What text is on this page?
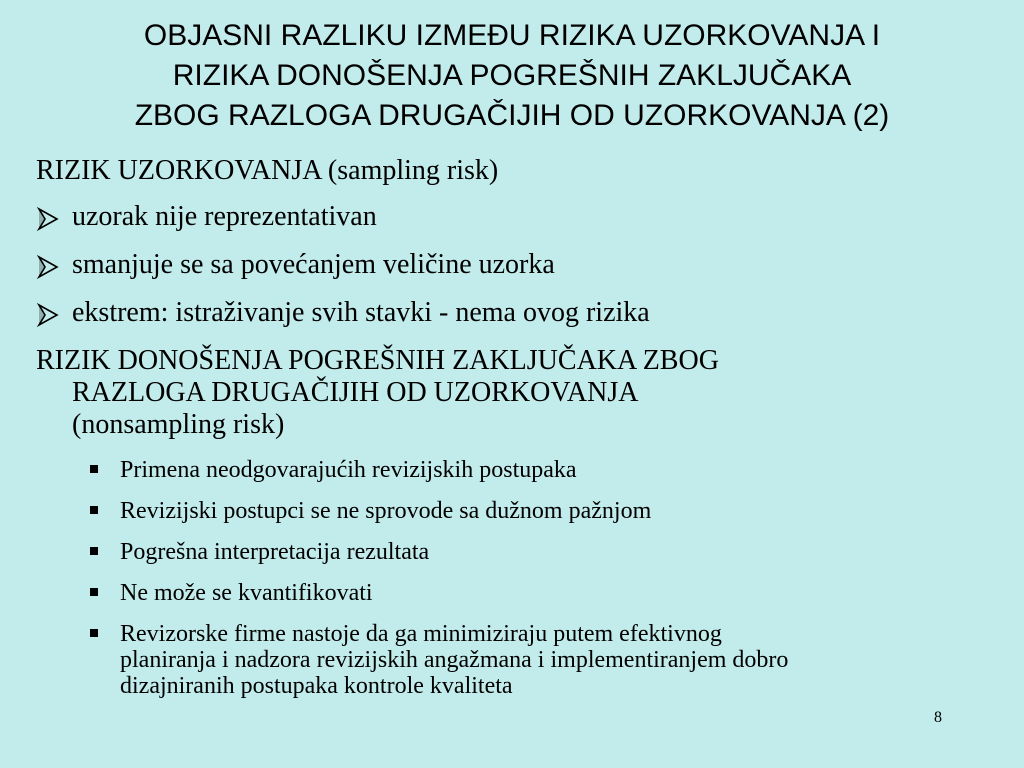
OBJASNI RAZLIKU IZMEĐU RIZIKA UZORKOVANJA I
RIZIKA DONOŠENJA POGREŠNIH ZAKLJUČAKA
ZBOG RAZLOGA DRUGAČIJIH OD UZORKOVANJA (2)
RIZIK UZORKOVANJA (sampling risk)
uzorak nije reprezentativan
smanjuje se sa povećanjem veličine uzorka
ekstrem: istraživanje svih stavki - nema ovog rizika
RIZIK DONOŠENJA POGREŠNIH ZAKLJUČAKA ZBOG
RAZLOGA DRUGAČIJIH OD UZORKOVANJA
(nonsampling risk)
Primena neodgovarajućih revizijskih postupaka
Revizijski postupci se ne sprovode sa dužnom pažnjom
Pogrešna interpretacija rezultata
Ne može se kvantifikovati
Revizorske firme nastoje da ga minimiziraju putem efektivnog
planiranja i nadzora revizijskih angažmana i implementiranjem dobro
dizajniranih postupaka kontrole kvaliteta
8
